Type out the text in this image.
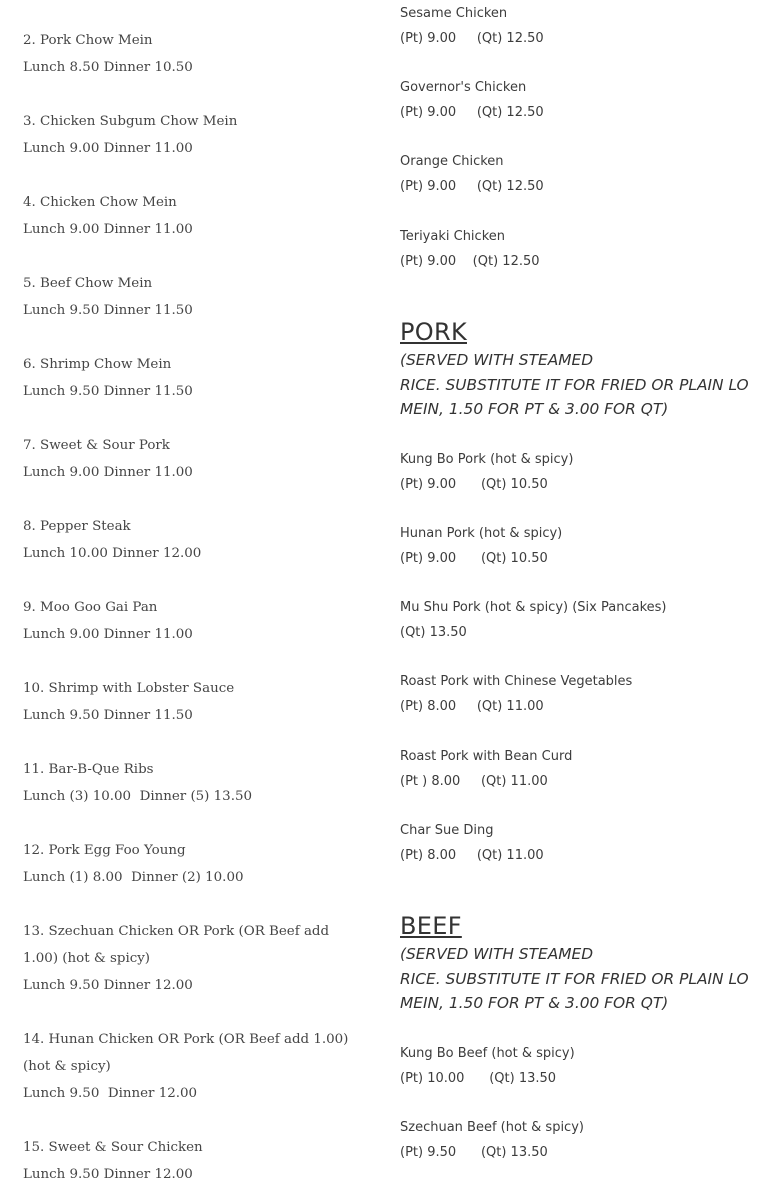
2. Pork Chow Mein
Lunch 8.50 Dinner 10.50
3. Chicken Subgum Chow Mein
Lunch 9.00 Dinner 11.00
4. Chicken Chow Mein
Lunch 9.00 Dinner 11.00
5. Beef Chow Mein
Lunch 9.50 Dinner 11.50
6. Shrimp Chow Mein
Lunch 9.50 Dinner 11.50
7. Sweet & Sour Pork
Lunch 9.00 Dinner 11.00
8. Pepper Steak
Lunch 10.00 Dinner 12.00
9. Moo Goo Gai Pan
Lunch 9.00 Dinner 11.00
10. Shrimp with Lobster Sauce
Lunch 9.50 Dinner 11.50
11. Bar-B-Que Ribs
Lunch (3) 10.00  Dinner (5) 13.50
12. Pork Egg Foo Young
Lunch (1) 8.00  Dinner (2) 10.00
13. Szechuan Chicken OR Pork (OR Beef add 1.00) (hot & spicy)
Lunch 9.50 Dinner 12.00
14. Hunan Chicken OR Pork (OR Beef add 1.00) (hot & spicy)
Lunch 9.50  Dinner 12.00
15. Sweet & Sour Chicken
Lunch 9.50 Dinner 12.00
Sesame Chicken
(Pt) 9.00     (Qt) 12.50
Governor's Chicken
(Pt) 9.00     (Qt) 12.50
Orange Chicken
(Pt) 9.00     (Qt) 12.50
Teriyaki Chicken
(Pt) 9.00    (Qt) 12.50
PORK
(SERVED WITH STEAMED
RICE. SUBSTITUTE IT FOR FRIED OR PLAIN LO MEIN, 1.50 FOR PT & 3.00 FOR QT)
Kung Bo Pork (hot & spicy)
(Pt) 9.00      (Qt) 10.50
Hunan Pork (hot & spicy)
(Pt) 9.00      (Qt) 10.50
Mu Shu Pork (hot & spicy) (Six Pancakes)
(Qt) 13.50
Roast Pork with Chinese Vegetables
(Pt) 8.00     (Qt) 11.00
Roast Pork with Bean Curd
(Pt ) 8.00     (Qt) 11.00
Char Sue Ding
(Pt) 8.00     (Qt) 11.00
BEEF
(SERVED WITH STEAMED
RICE. SUBSTITUTE IT FOR FRIED OR PLAIN LO MEIN, 1.50 FOR PT & 3.00 FOR QT)
Kung Bo Beef (hot & spicy)
(Pt) 10.00      (Qt) 13.50
Szechuan Beef (hot & spicy)
(Pt) 9.50      (Qt) 13.50
